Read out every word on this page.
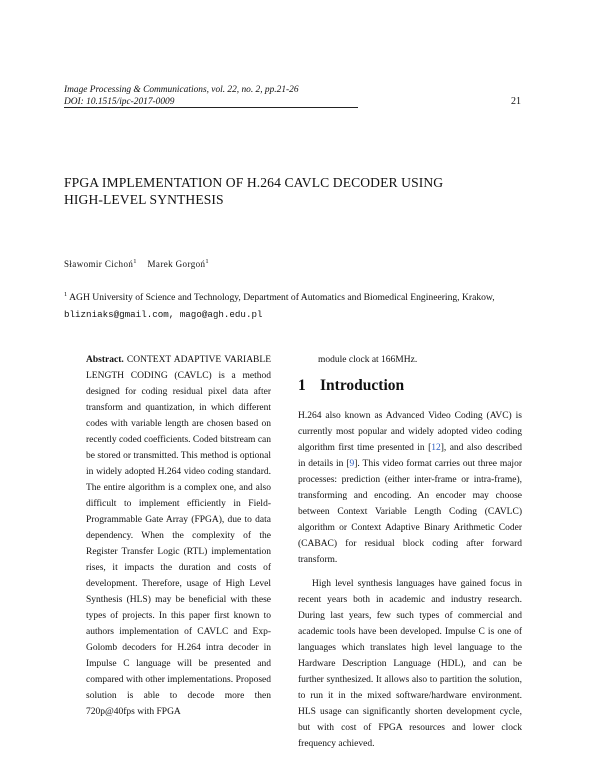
Image Processing & Communications, vol. 22, no. 2, pp.21-26
DOI: 10.1515/ipc-2017-0009	21
FPGA IMPLEMENTATION OF H.264 CAVLC DECODER USING
HIGH-LEVEL SYNTHESIS
Sławomir Cichoń$^1$ Marek Gorgoń$^1$
$^1$ AGH University of Science and Technology, Department of Automatics and Biomedical Engineering, Krakow,
blizniaks@gmail.com, mago@agh.edu.pl

Abstract. CONTEXT ADAPTIVE VARIABLE LENGTH CODING (CAVLC) is a method designed for coding residual pixel data after transform and quantization, in which different codes with variable length are chosen based on recently coded coefficients. Coded bitstream can be stored or transmitted. This method is optional in widely adopted H.264 video coding standard. The entire algorithm is a complex one, and also difficult to implement efficiently in Field-Programmable Gate Array (FPGA), due to data dependency. When the complexity of the Register Transfer Logic (RTL) implementation rises, it impacts the duration and costs of development. Therefore, usage of High Level Synthesis (HLS) may be beneficial with these types of projects. In this paper first known to authors implementation of CAVLC and Exp-Golomb decoders for H.264 intra decoder in Impulse C language will be presented and compared with other implementations. Proposed solution is able to decode more then 720p@40fps with FPGA

module clock at 166MHz.

1 Introduction

H.264 also known as Advanced Video Coding (AVC) is currently most popular and widely adopted video coding algorithm first time presented in [12], and also described in details in [9]. This video format carries out three major processes: prediction (either inter-frame or intra-frame), transforming and encoding. An encoder may choose between Context Variable Length Coding (CAVLC) algorithm or Context Adaptive Binary Arithmetic Coder (CABAC) for residual block coding after forward transform.

High level synthesis languages have gained focus in recent years both in academic and industry research. During last years, few such types of commercial and academic tools have been developed. Impulse C is one of languages which translates high level language to the Hardware Description Language (HDL), and can be further synthesized. It allows also to partition the solution, to run it in the mixed software/hardware environment. HLS usage can significantly shorten development cycle, but with cost of FPGA resources and lower clock frequency achieved.
